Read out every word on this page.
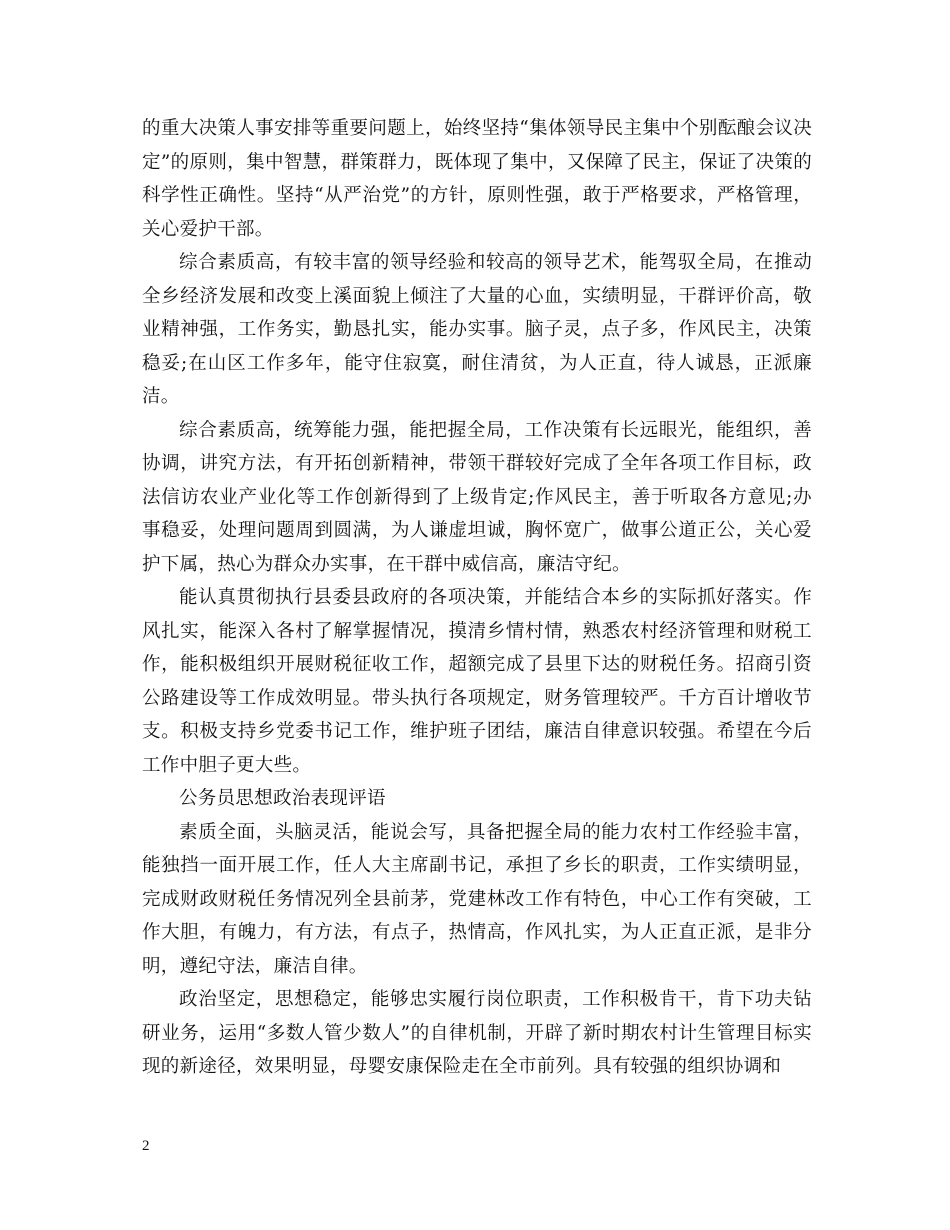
的重大决策人事安排等重要问题上，始终坚持“集体领导民主集中个别酝酿会议决定”的原则，集中智慧，群策群力，既体现了集中，又保障了民主，保证了决策的科学性正确性。坚持“从严治党”的方针，原则性强，敢于严格要求，严格管理，关心爱护干部。

综合素质高，有较丰富的领导经验和较高的领导艺术，能驾驭全局，在推动全乡经济发展和改变上溪面貌上倾注了大量的心血，实绩明显，干群评价高，敬业精神强，工作务实，勤恳扎实，能办实事。脑子灵，点子多，作风民主，决策稳妥;在山区工作多年，能守住寂寞，耐住清贫，为人正直，待人诚恳，正派廉洁。

综合素质高，统筹能力强，能把握全局，工作决策有长远眼光，能组织，善协调，讲究方法，有开拓创新精神，带领干群较好完成了全年各项工作目标，政法信访农业产业化等工作创新得到了上级肯定;作风民主，善于听取各方意见;办事稳妥，处理问题周到圆满，为人谦虚坦诚，胸怀宽广，做事公道正公，关心爱护下属，热心为群众办实事，在干群中威信高，廉洁守纪。

能认真贯彻执行县委县政府的各项决策，并能结合本乡的实际抓好落实。作风扎实，能深入各村了解掌握情况，摸清乡情村情，熟悉农村经济管理和财税工作，能积极组织开展财税征收工作，超额完成了县里下达的财税任务。招商引资公路建设等工作成效明显。带头执行各项规定，财务管理较严。千方百计增收节支。积极支持乡党委书记工作，维护班子团结，廉洁自律意识较强。希望在今后工作中胆子更大些。

公务员思想政治表现评语

素质全面，头脑灵活，能说会写，具备把握全局的能力农村工作经验丰富，能独挡一面开展工作，任人大主席副书记，承担了乡长的职责，工作实绩明显，完成财政财税任务情况列全县前茅，党建林改工作有特色，中心工作有突破，工作大胆，有魄力，有方法，有点子，热情高，作风扎实，为人正直正派，是非分明，遵纪守法，廉洁自律。

政治坚定，思想稳定，能够忠实履行岗位职责，工作积极肯干，肯下功夫钻研业务，运用“多数人管少数人”的自律机制，开辟了新时期农村计生管理目标实现的新途径，效果明显，母婴安康保险走在全市前列。具有较强的组织协调和

2
